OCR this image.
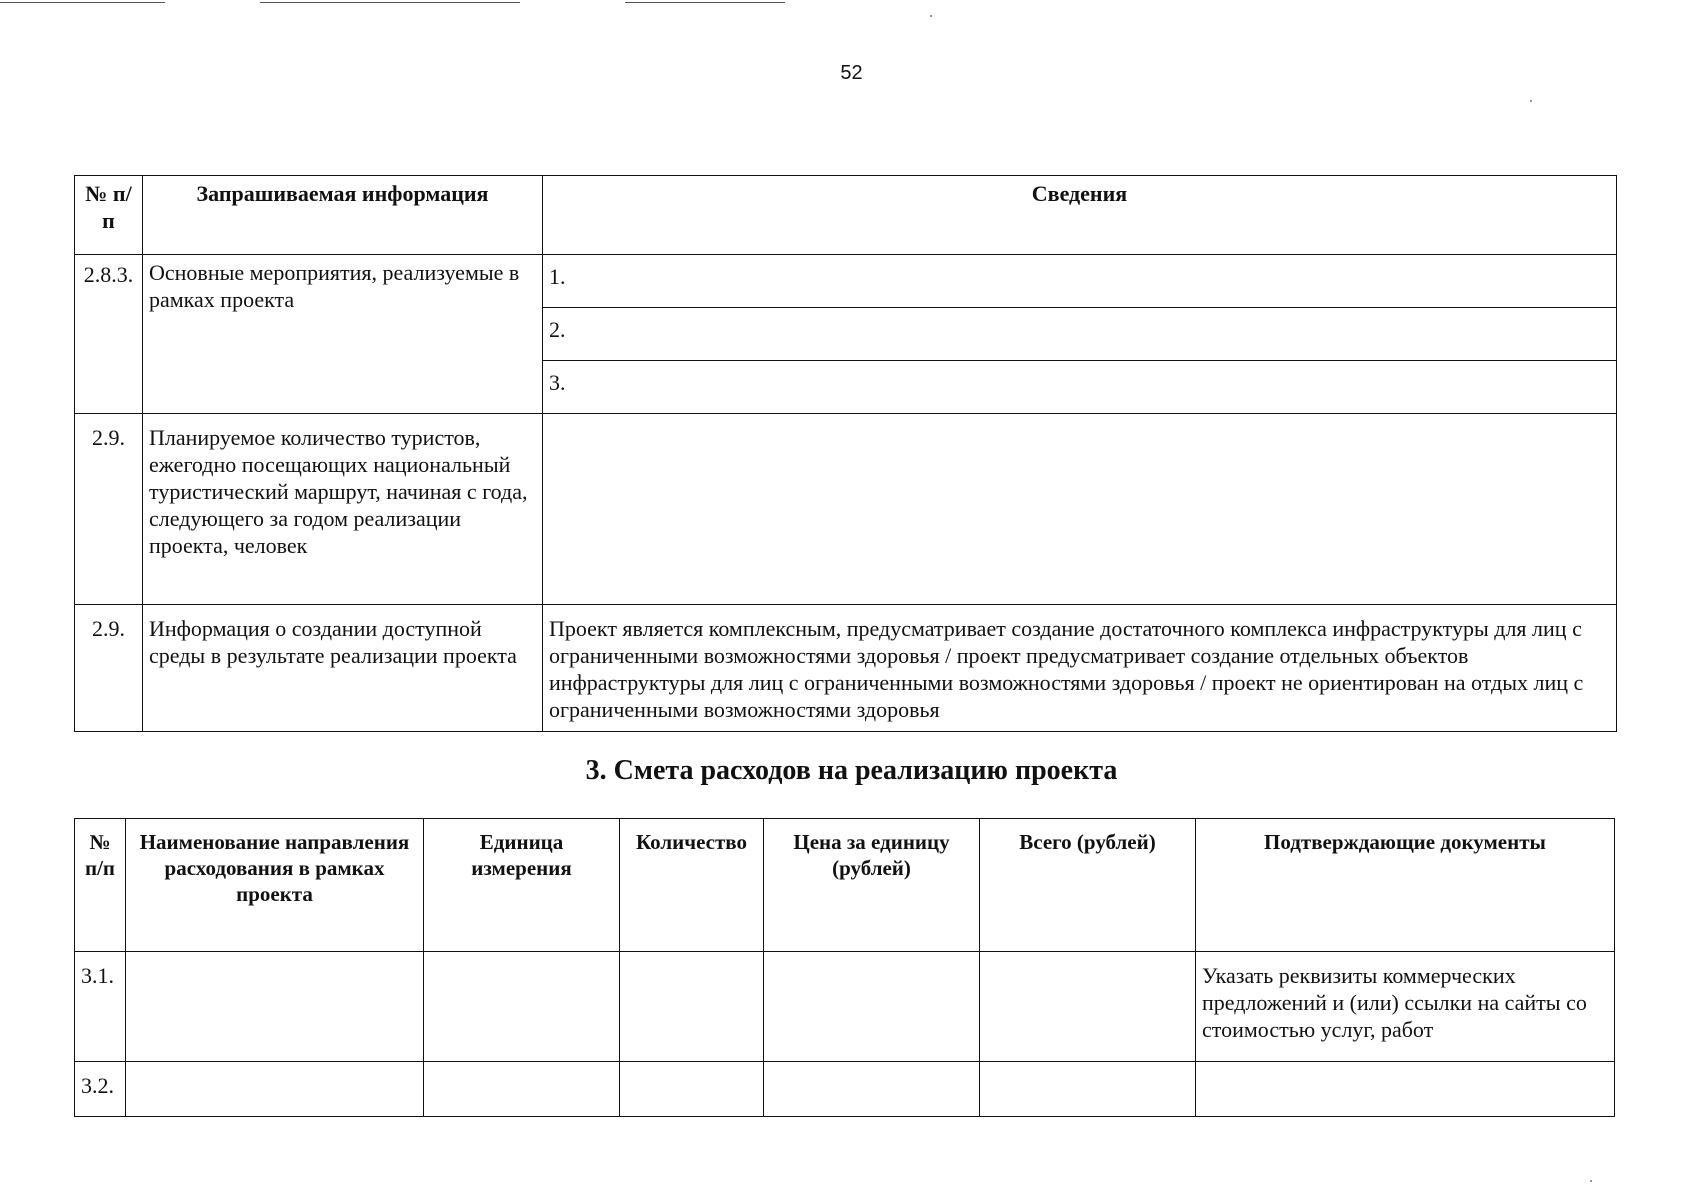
52
№ п/п	Запрашиваемая информация	Сведения
2.8.3.	Основные мероприятия, реализуемые в рамках проекта	1.
		2.
		3.
2.9.	Планируемое количество туристов, ежегодно посещающих национальный туристический маршрут, начиная с года, следующего за годом реализации проекта, человек	
2.9.	Информация о создании доступной среды в результате реализации проекта	Проект является комплексным, предусматривает создание достаточного комплекса инфраструктуры для лиц с ограниченными возможностями здоровья / проект предусматривает создание отдельных объектов инфраструктуры для лиц с ограниченными возможностями здоровья / проект не ориентирован на отдых лиц с ограниченными возможностями здоровья
3. Смета расходов на реализацию проекта
№ п/п	Наименование направления расходования в рамках проекта	Единица измерения	Количество	Цена за единицу (рублей)	Всего (рублей)	Подтверждающие документы
3.1.						Указать реквизиты коммерческих предложений и (или) ссылки на сайты со стоимостью услуг, работ
3.2.						
